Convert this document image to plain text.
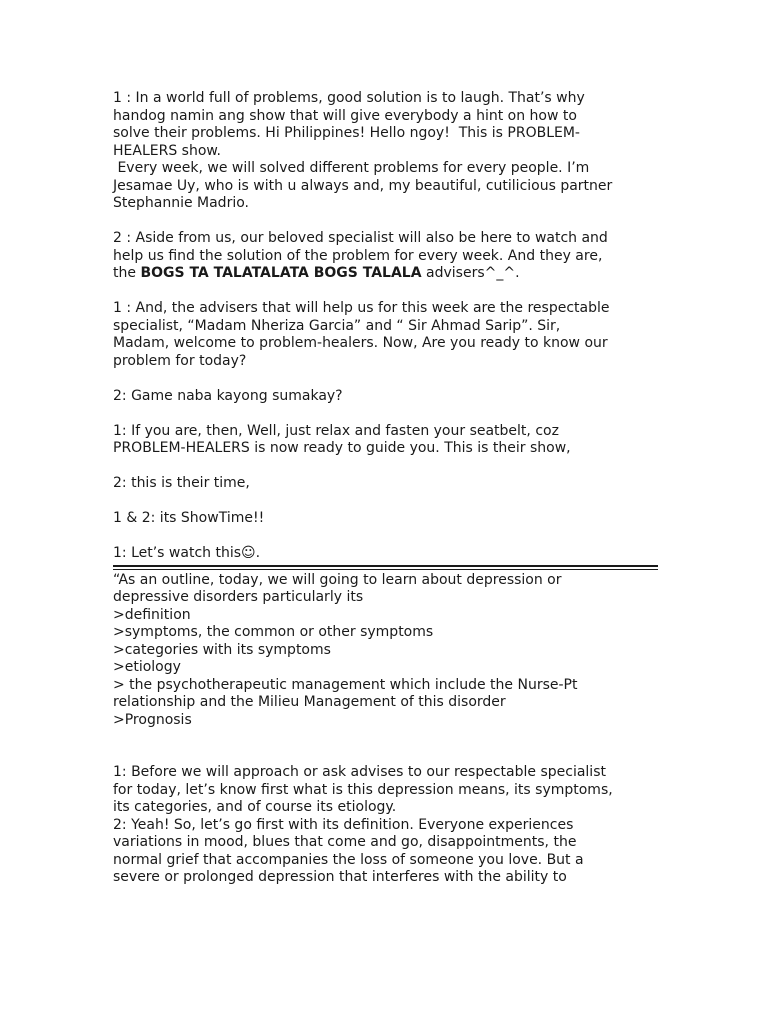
1 : In a world full of problems, good solution is to laugh. That’s why

handog namin ang show that will give everybody a hint on how to

solve their problems. Hi Philippines! Hello ngoy!  This is PROBLEM-

HEALERS show.

Every week, we will solved different problems for every people. I’m

Jesamae Uy, who is with u always and, my beautiful, cutilicious partner

Stephannie Madrio.

2 : Aside from us, our beloved specialist will also be here to watch and

help us find the solution of the problem for every week. And they are,

the BOGS TA TALATALATA BOGS TALALA advisers^_^.

1 : And, the advisers that will help us for this week are the respectable

specialist, “Madam Nheriza Garcia” and “ Sir Ahmad Sarip”. Sir,

Madam, welcome to problem-healers. Now, Are you ready to know our

problem for today?

2: Game naba kayong sumakay?

1: If you are, then, Well, just relax and fasten your seatbelt, coz

PROBLEM-HEALERS is now ready to guide you. This is their show,

2: this is their time,

1 & 2: its ShowTime!!

1: Let’s watch this☺.

“As an outline, today, we will going to learn about depression or

depressive disorders particularly its

>definition

>symptoms, the common or other symptoms

>categories with its symptoms

>etiology

> the psychotherapeutic management which include the Nurse-Pt

relationship and the Milieu Management of this disorder

>Prognosis

1: Before we will approach or ask advises to our respectable specialist

for today, let’s know first what is this depression means, its symptoms,

its categories, and of course its etiology.

2: Yeah! So, let’s go first with its definition. Everyone experiences

variations in mood, blues that come and go, disappointments, the

normal grief that accompanies the loss of someone you love. But a

severe or prolonged depression that interferes with the ability to
